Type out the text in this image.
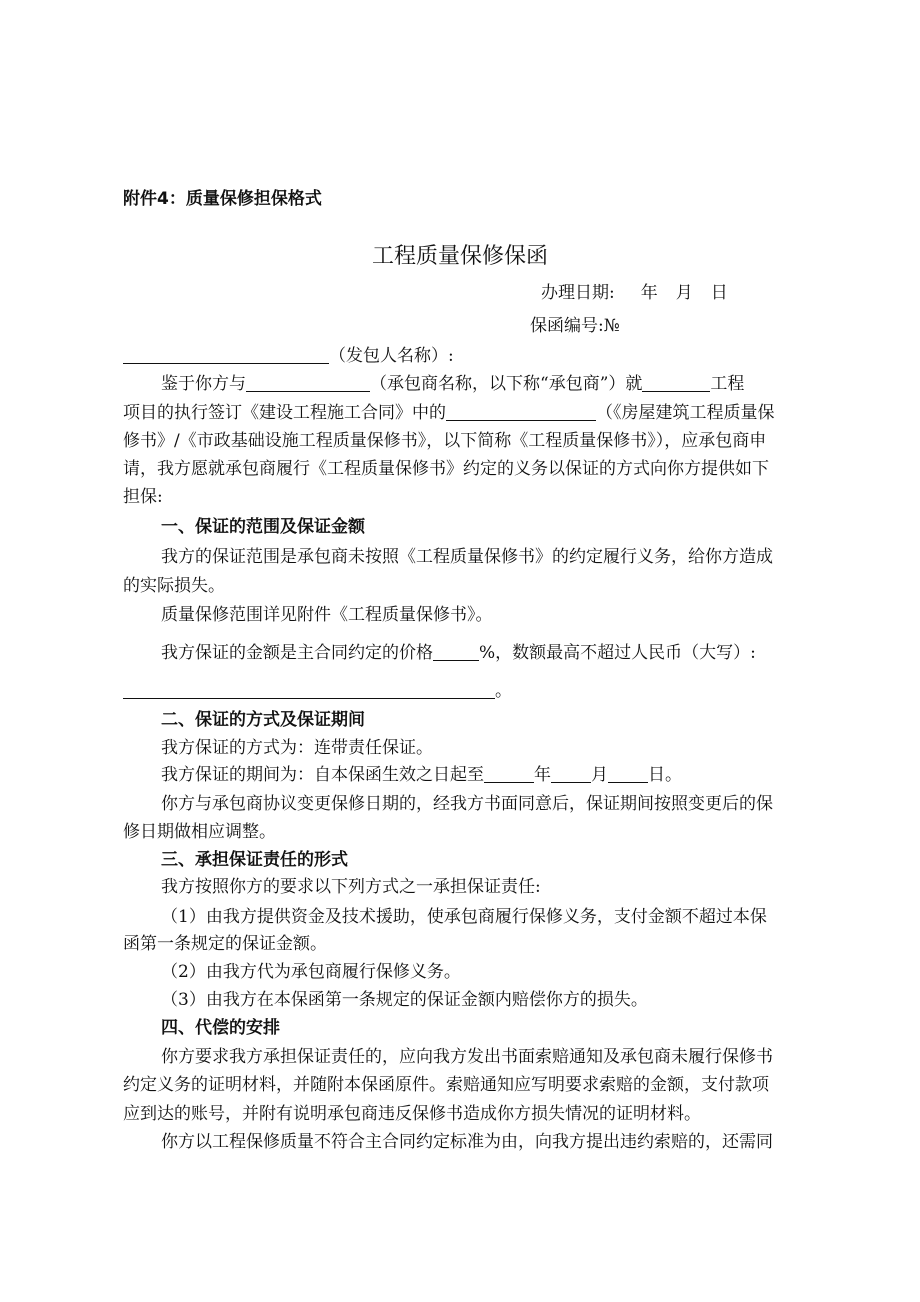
附件4：质量保修担保格式
工程质量保修保函
办理日期: 年 月 日
保函编号:№
（发包人名称）:
鉴于你方与	（承包商名称，以下称“承包商”）就	工程
项目的执行签订《建设工程施工合同》中的	（《房屋建筑工程质量保
修书》/《市政基础设施工程质量保修书》，以下简称《工程质量保修书》），应承包商申
请，我方愿就承包商履行《工程质量保修书》约定的义务以保证的方式向你方提供如下
担保:
一、保证的范围及保证金额
我方的保证范围是承包商未按照《工程质量保修书》的约定履行义务，给你方造成
的实际损失。
质量保修范围详见附件《工程质量保修书》。
我方保证的金额是主合同约定的价格	%，数额最高不超过人民币（大写）:
。
二、保证的方式及保证期间
我方保证的方式为：连带责任保证。
我方保证的期间为：自本保函生效之日起至	年 月 日。
你方与承包商协议变更保修日期的，经我方书面同意后，保证期间按照变更后的保
修日期做相应调整。
三、承担保证责任的形式
我方按照你方的要求以下列方式之一承担保证责任:
（1）由我方提供资金及技术援助，使承包商履行保修义务，支付金额不超过本保
函第一条规定的保证金额。
（2）由我方代为承包商履行保修义务。
（3）由我方在本保函第一条规定的保证金额内赔偿你方的损失。
四、代偿的安排
你方要求我方承担保证责任的，应向我方发出书面索赔通知及承包商未履行保修书
约定义务的证明材料，并随附本保函原件。索赔通知应写明要求索赔的金额，支付款项
应到达的账号，并附有说明承包商违反保修书造成你方损失情况的证明材料。
你方以工程保修质量不符合主合同约定标准为由，向我方提出违约索赔的，还需同
